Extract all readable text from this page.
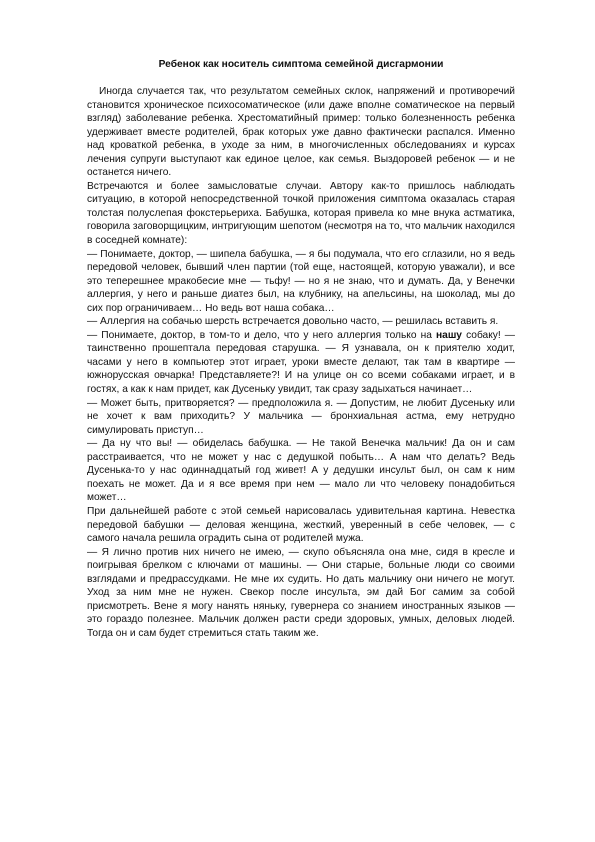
Ребенок как носитель симптома семейной дисгармонии

Иногда случается так, что результатом семейных склок, напряжений и противоречий становится хроническое психосоматическое (или даже вполне соматическое на первый взгляд) заболевание ребенка. Хрестоматийный пример: только болезненность ребенка удерживает вместе родителей, брак которых уже давно фактически распался. Именно над кроваткой ребенка, в уходе за ним, в многочисленных обследованиях и курсах лечения супруги выступают как единое целое, как семья. Выздоровей ребенок — и не останется ничего.

Встречаются и более замысловатые случаи. Автору как-то пришлось наблюдать ситуацию, в которой непосредственной точкой приложения симптома оказалась старая толстая полуслепая фокстерьериха. Бабушка, которая привела ко мне внука астматика, говорила заговорщицким, интригующим шепотом (несмотря на то, что мальчик находился в соседней комнате):

— Понимаете, доктор, — шипела бабушка, — я бы подумала, что его сглазили, но я ведь передовой человек, бывший член партии (той еще, настоящей, которую уважали), и все это теперешнее мракобесие мне — тьфу! — но я не знаю, что и думать. Да, у Венечки аллергия, у него и раньше диатез был, на клубнику, на апельсины, на шоколад, мы до сих пор ограничиваем… Но ведь вот наша собака…

— Аллергия на собачью шерсть встречается довольно часто, — решилась вставить я.

— Понимаете, доктор, в том-то и дело, что у него аллергия только на нашу собаку! — таинственно прошептала передовая старушка. — Я узнавала, он к приятелю ходит, часами у него в компьютер этот играет, уроки вместе делают, так там в квартире — южнорусская овчарка! Представляете?! И на улице он со всеми собаками играет, и в гостях, а как к нам придет, как Дусеньку увидит, так сразу задыхаться начинает…

— Может быть, притворяется? — предположила я. — Допустим, не любит Дусеньку или не хочет к вам приходить? У мальчика — бронхиальная астма, ему нетрудно симулировать приступ…

— Да ну что вы! — обиделась бабушка. — Не такой Венечка мальчик! Да он и сам расстраивается, что не может у нас с дедушкой побыть… А нам что делать? Ведь Дусенька-то у нас одиннадцатый год живет! А у дедушки инсульт был, он сам к ним поехать не может. Да и я все время при нем — мало ли что человеку понадобиться может…

При дальнейшей работе с этой семьей нарисовалась удивительная картина. Невестка передовой бабушки — деловая женщина, жесткий, уверенный в себе человек, — с самого начала решила оградить сына от родителей мужа.

— Я лично против них ничего не имею, — скупо объясняла она мне, сидя в кресле и поигрывая брелком с ключами от машины. — Они старые, больные люди со своими взглядами и предрассудками. Не мне их судить. Но дать мальчику они ничего не могут. Уход за ним мне не нужен. Свекор после инсульта, эм дай Бог самим за собой присмотреть. Вене я могу нанять няньку, гувернера со знанием иностранных языков — это гораздо полезнее. Мальчик должен расти среди здоровых, умных, деловых людей. Тогда он и сам будет стремиться стать таким же.
